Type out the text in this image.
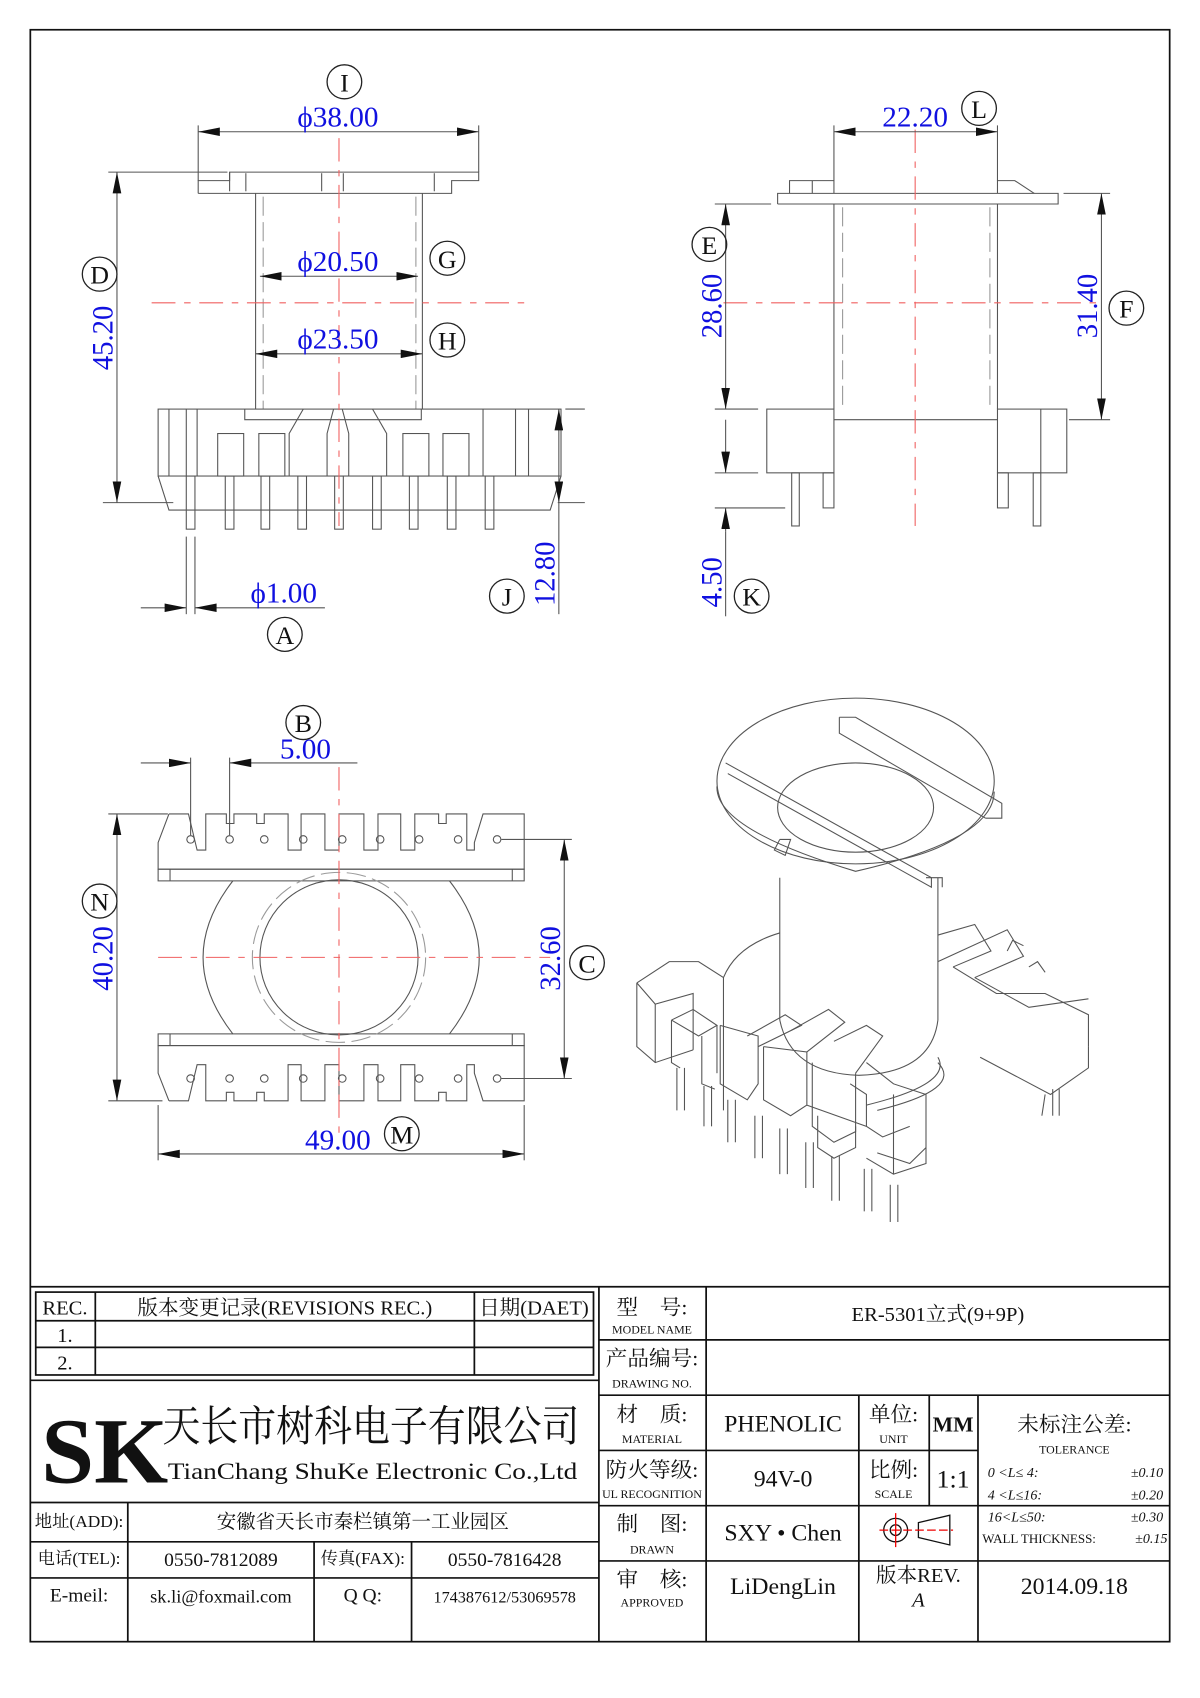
ϕ38.00
I
ϕ20.50 G
ϕ23.50 H
45.20
D
12.80
J
ϕ1.00
A
22.20 L
28.60
E
31.40 F
4.50 K
5.00
B
40.20
N
32.60 C
49.00 M
REC.	版本变更记录(REVISIONS REC.) 日期(DAET)
1.
2.
SK
天长市树科电子有限公司
TianChang ShuKe Electronic Co.,Ltd
地址(ADD):	安徽省天长市秦栏镇第一工业园区
电话(TEL): 0550-7812089	传真(FAX): 0550-7816428
E-meil: sk.li@foxmail.com	Q Q:	174387612/53069578
型　号:
MODEL NAME
ER-5301立式(9+9P)
产品编号:
DRAWING NO.
材　质:
MATERIAL
PHENOLIC 单位:
UNIT
MM
防火等级:
UL RECOGNITION
94V-0	比例:
SCALE
1:1
未标注公差:
TOLERANCE
0 <L≤ 4:	±0.10
4 <L≤16:	±0.20
16<L≤50:	±0.30
WALL THICKNESS:	±0.15
制　图:
DRAWN
SXY • Chen
审　核:
APPROVED
LiDengLin 版本REV.
A
2014.09.18
